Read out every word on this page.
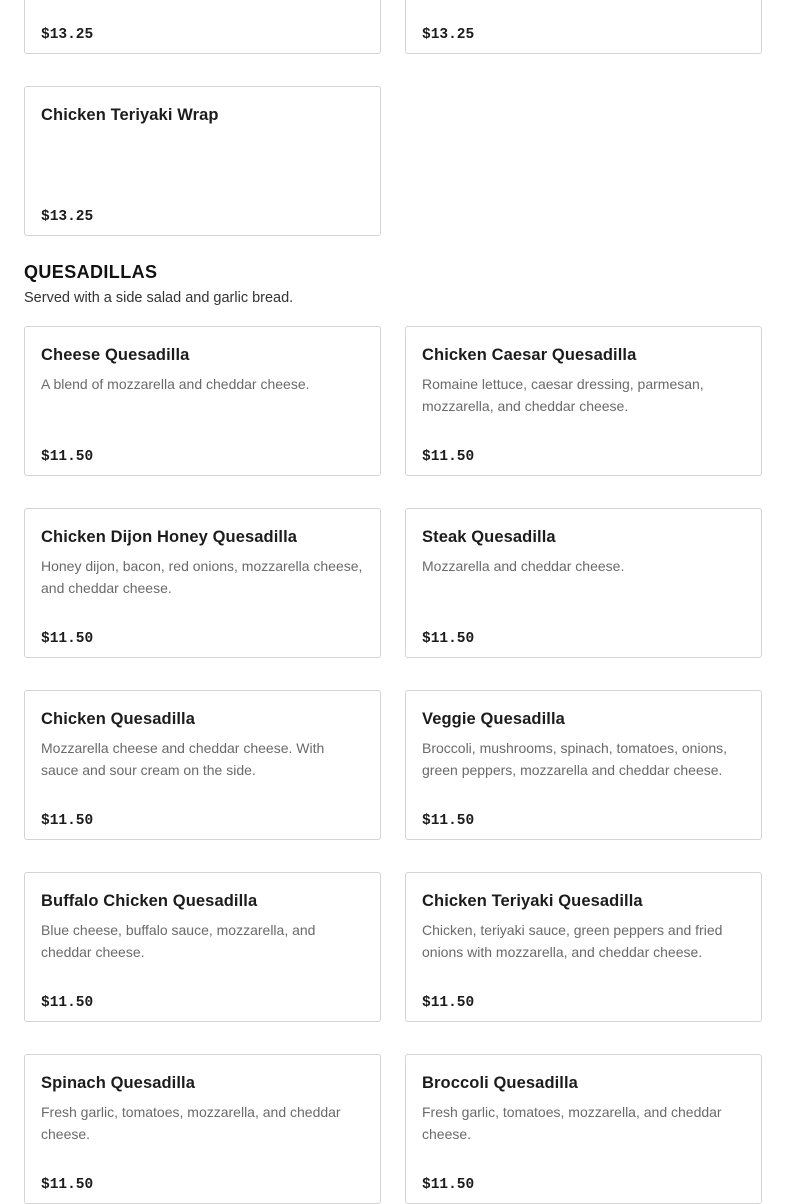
$13.25	$13.25
Chicken Teriyaki Wrap
$13.25
QUESADILLAS

Served with a side salad and garlic bread.

Cheese Quesadilla
A blend of mozzarella and cheddar cheese.
$11.50
Chicken Caesar Quesadilla
Romaine lettuce, caesar dressing, parmesan, mozzarella, and cheddar cheese.
$11.50
Chicken Dijon Honey Quesadilla
Honey dijon, bacon, red onions, mozzarella cheese, and cheddar cheese.
$11.50
Steak Quesadilla
Mozzarella and cheddar cheese.
$11.50
Chicken Quesadilla
Mozzarella cheese and cheddar cheese. With sauce and sour cream on the side.
$11.50
Veggie Quesadilla
Broccoli, mushrooms, spinach, tomatoes, onions, green peppers, mozzarella and cheddar cheese.
$11.50
Buffalo Chicken Quesadilla
Blue cheese, buffalo sauce, mozzarella, and cheddar cheese.
$11.50
Chicken Teriyaki Quesadilla
Chicken, teriyaki sauce, green peppers and fried onions with mozzarella, and cheddar cheese.
$11.50
Spinach Quesadilla
Fresh garlic, tomatoes, mozzarella, and cheddar cheese.
$11.50
Broccoli Quesadilla
Fresh garlic, tomatoes, mozzarella, and cheddar cheese.
$11.50
